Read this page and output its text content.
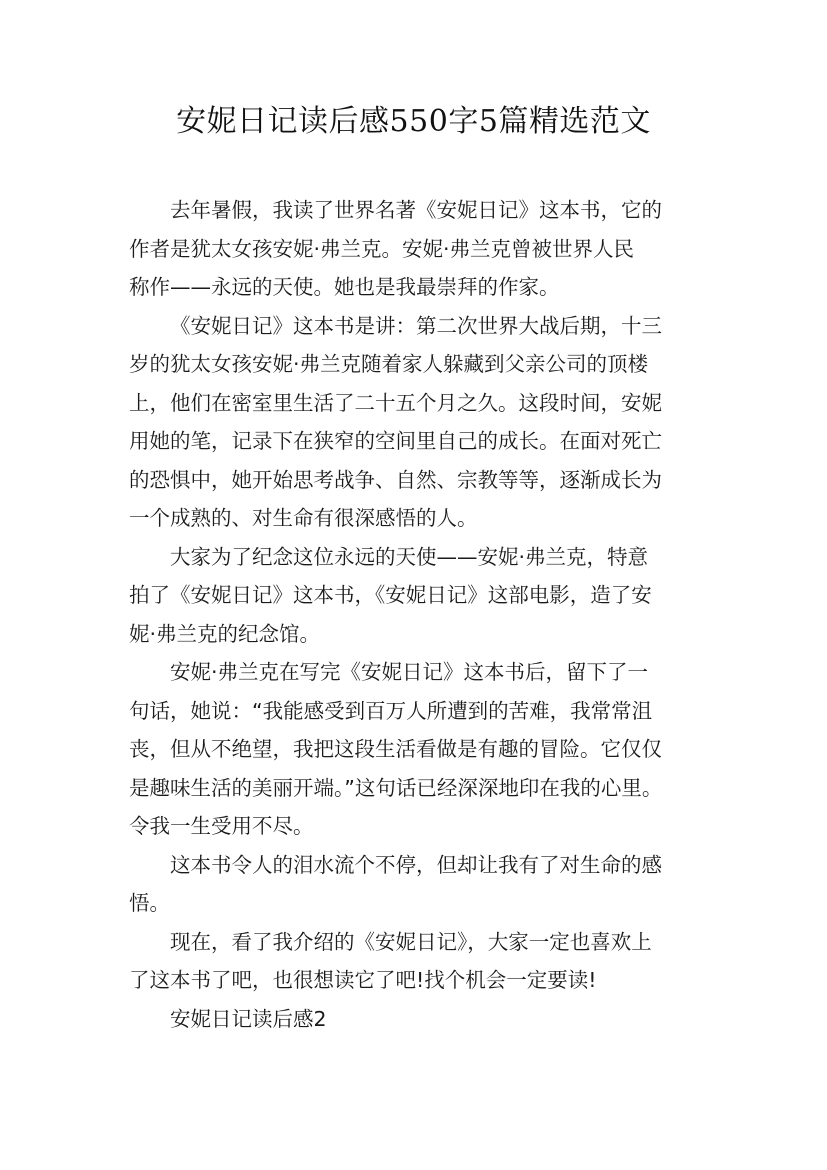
安妮日记读后感550字5篇精选范文
去年暑假，我读了世界名著《安妮日记》这本书，它的
作者是犹太女孩安妮·弗兰克。安妮·弗兰克曾被世界人民
称作——永远的天使。她也是我最崇拜的作家。
《安妮日记》这本书是讲：第二次世界大战后期，十三
岁的犹太女孩安妮·弗兰克随着家人躲藏到父亲公司的顶楼
上，他们在密室里生活了二十五个月之久。这段时间，安妮
用她的笔，记录下在狭窄的空间里自己的成长。在面对死亡
的恐惧中，她开始思考战争、自然、宗教等等，逐渐成长为
一个成熟的、对生命有很深感悟的人。
大家为了纪念这位永远的天使——安妮·弗兰克，特意
拍了《安妮日记》这本书，《安妮日记》这部电影，造了安
妮·弗兰克的纪念馆。
安妮·弗兰克在写完《安妮日记》这本书后，留下了一
句话，她说：“我能感受到百万人所遭到的苦难，我常常沮
丧，但从不绝望，我把这段生活看做是有趣的冒险。它仅仅
是趣味生活的美丽开端。”这句话已经深深地印在我的心里。
令我一生受用不尽。
这本书令人的泪水流个不停，但却让我有了对生命的感
悟。
现在，看了我介绍的《安妮日记》，大家一定也喜欢上
了这本书了吧，也很想读它了吧!找个机会一定要读!
安妮日记读后感2
